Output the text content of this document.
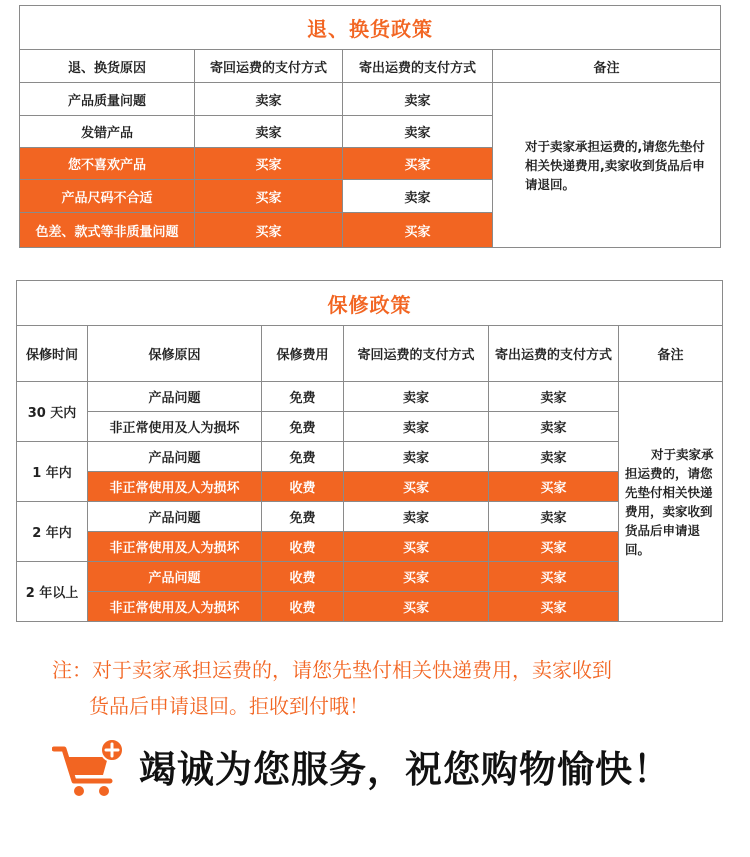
退、换货政策			
退、换货原因	寄回运费的支付方式	寄出运费的支付方式	备注
产品质量问题	卖家	卖家	对于卖家承担运费的,请您先垫付相关快递费用,卖家收到货品后申请退回。
发错产品	卖家	卖家	
您不喜欢产品	买家	买家	
产品尺码不合适	买家	卖家	
色差、款式等非质量问题	买家	买家	
保修政策					
保修时间	保修原因	保修费用	寄回运费的支付方式	寄出运费的支付方式	备注
30 天内	产品问题	免费	卖家	卖家	对于卖家承担运费的，请您先垫付相关快递费用，卖家收到货品后申请退回。
	非正常使用及人为损坏	免费	卖家	卖家	
1 年内	产品问题	免费	卖家	卖家	
	非正常使用及人为损坏	收费	买家	买家	
2 年内	产品问题	免费	卖家	卖家	
	非正常使用及人为损坏	收费	买家	买家	
2 年以上	产品问题	收费	买家	买家	
	非正常使用及人为损坏	收费	买家	买家	
注：对于卖家承担运费的，请您先垫付相关快递费用，卖家收到
货品后申请退回。拒收到付哦！
竭诚为您服务，祝您购物愉快！
